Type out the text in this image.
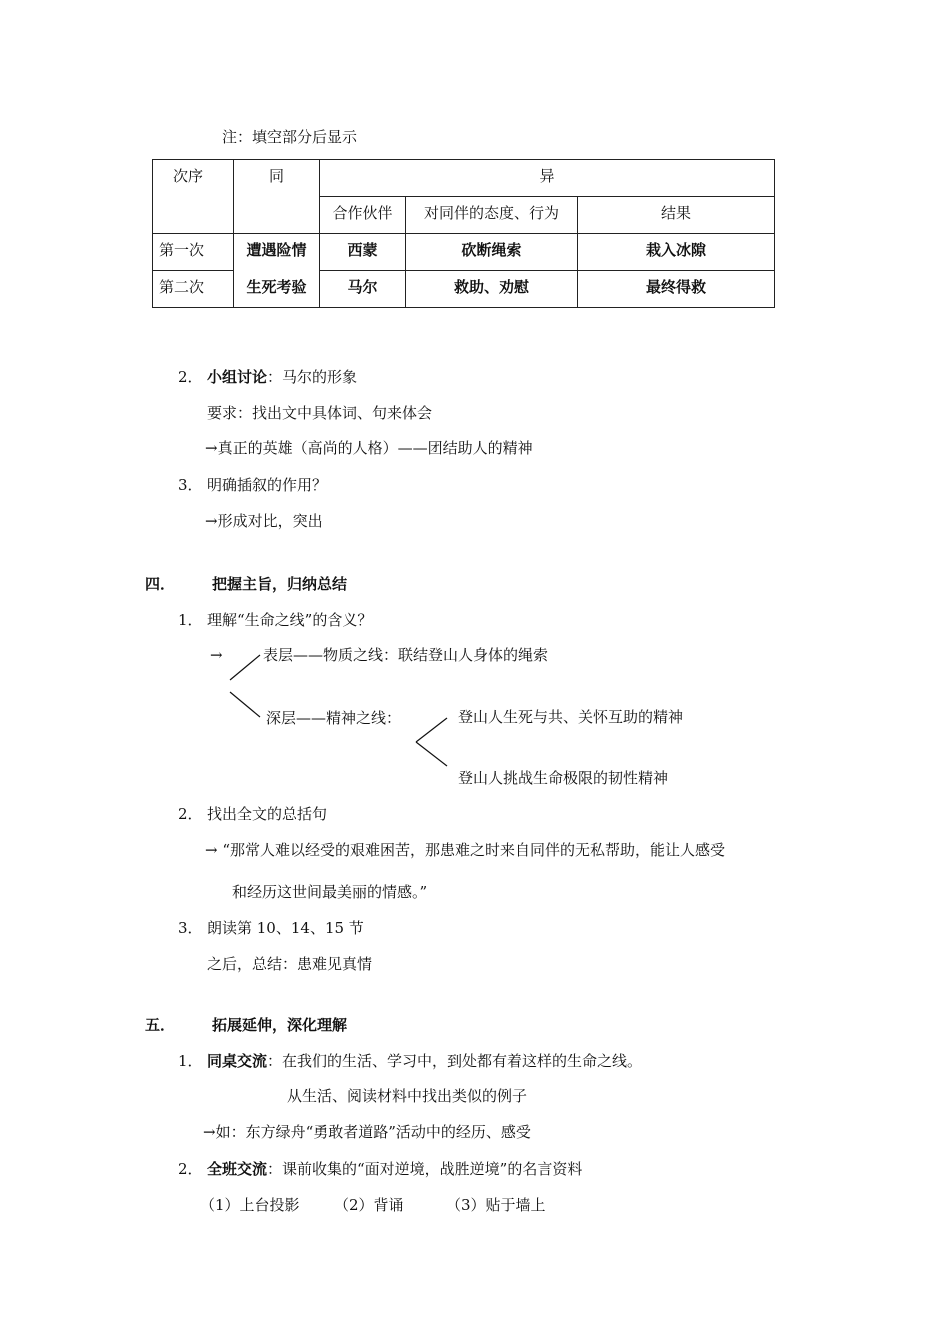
注：填空部分后显示
次序	同	异		
		合作伙伴	对同伴的态度、行为	结果
第一次	遭遇险情	西蒙	砍断绳索	栽入冰隙
第二次	生死考验	马尔	救助、劝慰	最终得救
2． 小组讨论：马尔的形象
要求：找出文中具体词、句来体会
→真正的英雄（高尚的人格）——团结助人的精神
3． 明确插叙的作用？
→形成对比，突出
四． 把握主旨，归纳总结
1． 理解“生命之线”的含义？
→	表层——物质之线：联结登山人身体的绳索
深层——精神之线：	登山人生死与共、关怀互助的精神
登山人挑战生命极限的韧性精神
2． 找出全文的总括句
→ “那常人难以经受的艰难困苦，那患难之时来自同伴的无私帮助，能让人感受
和经历这世间最美丽的情感。”
3． 朗读第 10、14、15 节
之后，总结：患难见真情
五． 拓展延伸，深化理解
1． 同桌交流：在我们的生活、学习中，到处都有着这样的生命之线。
从生活、阅读材料中找出类似的例子
→如：东方绿舟“勇敢者道路”活动中的经历、感受
2． 全班交流：课前收集的“面对逆境，战胜逆境”的名言资料
（1）上台投影 （2）背诵	（3）贴于墙上
